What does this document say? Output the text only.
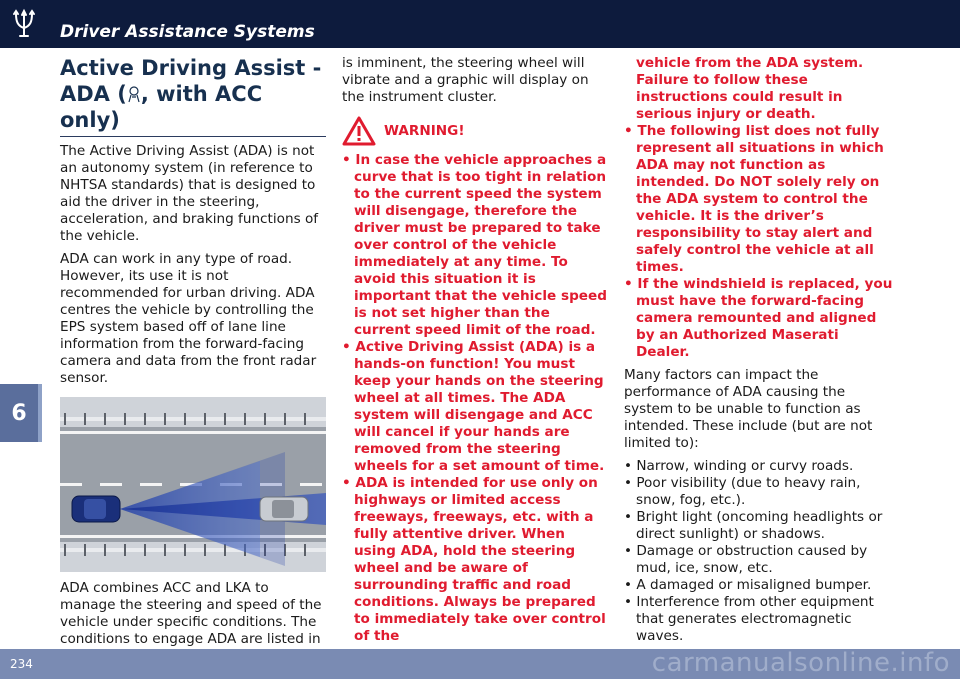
Driver Assistance Systems
6
Active Driving Assist -
ADA ( , with ACC only)

The Active Driving Assist (ADA) is not an autonomy system (in reference to NHTSA standards) that is designed to aid the driver in the steering, acceleration, and braking functions of the vehicle.

ADA can work in any type of road. However, its use it is not recommended for urban driving. ADA centres the vehicle by controlling the EPS system based off of lane line information from the forward-facing camera and data from the front radar sensor.

ADA combines ACC and LKA to manage the steering and speed of the vehicle under specific conditions. The conditions to engage ADA are listed in

is imminent, the steering wheel will vibrate and a graphic will display on the instrument cluster.

WARNING!
• In case the vehicle approaches a curve that is too tight in relation to the current speed the system will disengage, therefore the driver must be prepared to take over control of the vehicle immediately at any time. To avoid this situation it is important that the vehicle speed is not set higher than the current speed limit of the road.
• Active Driving Assist (ADA) is a hands-on function! You must keep your hands on the steering wheel at all times. The ADA system will disengage and ACC will cancel if your hands are removed from the steering wheels for a set amount of time.
• ADA is intended for use only on highways or limited access freeways, freeways, etc. with a fully attentive driver. When using ADA, hold the steering wheel and be aware of surrounding traffic and road conditions. Always be prepared to immediately take over control of the

vehicle from the ADA system. Failure to follow these instructions could result in serious injury or death.

• The following list does not fully represent all situations in which ADA may not function as intended. Do NOT solely rely on the ADA system to control the vehicle. It is the driver’s responsibility to stay alert and safely control the vehicle at all times.
• If the windshield is replaced, you must have the forward-facing camera remounted and aligned by an Authorized Maserati Dealer.

Many factors can impact the performance of ADA causing the system to be unable to function as intended. These include (but are not limited to):

• Narrow, winding or curvy roads.
• Poor visibility (due to heavy rain, snow, fog, etc.).
• Bright light (oncoming headlights or direct sunlight) or shadows.
• Damage or obstruction caused by mud, ice, snow, etc.
• A damaged or misaligned bumper.
• Interference from other equipment that generates electromagnetic waves.
234	carmanualsonline.info
